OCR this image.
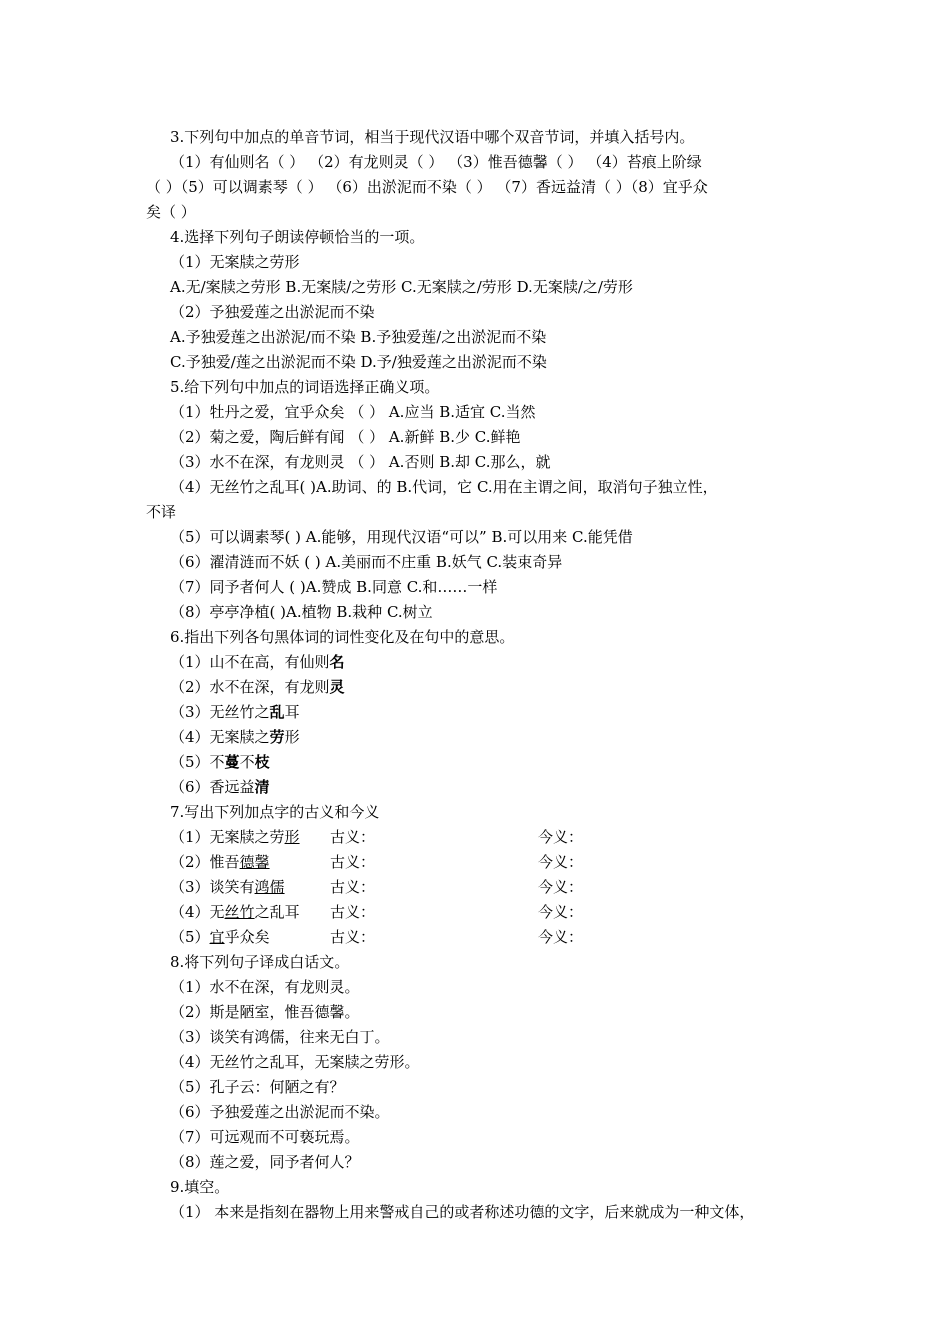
3.下列句中加点的单音节词，相当于现代汉语中哪个双音节词，并填入括号内。
（1）有仙则名（ ） （2）有龙则灵（ ） （3）惟吾德馨（ ） （4）苔痕上阶绿
（ ）（5）可以调素琴（ ） （6）出淤泥而不染（ ） （7）香远益清（ ）（8）宜乎众
矣（ ）
4.选择下列句子朗读停顿恰当的一项。
（1）无案牍之劳形
A.无/案牍之劳形 B.无案牍/之劳形 C.无案牍之/劳形 D.无案牍/之/劳形
（2）予独爱莲之出淤泥而不染
A.予独爱莲之出淤泥/而不染 B.予独爱莲/之出淤泥而不染
C.予独爱/莲之出淤泥而不染 D.予/独爱莲之出淤泥而不染
5.给下列句中加点的词语选择正确义项。
（1）牡丹之爱，宜乎众矣 （ ） A.应当 B.适宜 C.当然
（2）菊之爱，陶后鲜有闻 （ ） A.新鲜 B.少 C.鲜艳
（3）水不在深，有龙则灵 （ ） A.否则 B.却 C.那么，就
（4）无丝竹之乱耳( )A.助词、的 B.代词，它 C.用在主谓之间，取消句子独立性，
不译
（5）可以调素琴( ) A.能够，用现代汉语“可以” B.可以用来 C.能凭借
（6）濯清涟而不妖 ( ) A.美丽而不庄重 B.妖气 C.装束奇异
（7）同予者何人 ( )A.赞成 B.同意 C.和……一样
（8）亭亭净植( )A.植物 B.栽种 C.树立
6.指出下列各句黑体词的词性变化及在句中的意思。
（1）山不在高，有仙则名
（2）水不在深，有龙则灵
（3）无丝竹之乱耳
（4）无案牍之劳形
（5）不蔓不枝
（6）香远益清
7.写出下列加点字的古义和今义
（1）无案牍之劳形 古义：	今义：
（2）惟吾德馨	古义：	今义：
（3）谈笑有鸿儒	古义：	今义：
（4）无丝竹之乱耳 古义：	今义：
（5）宜乎众矣	古义：	今义：
8.将下列句子译成白话文。
（1）水不在深，有龙则灵。
（2）斯是陋室，惟吾德馨。
（3）谈笑有鸿儒，往来无白丁。
（4）无丝竹之乱耳，无案牍之劳形。
（5）孔子云：何陋之有？
（6）予独爱莲之出淤泥而不染。
（7）可远观而不可亵玩焉。
（8）莲之爱，同予者何人？
9.填空。
（1） 本来是指刻在器物上用来警戒自己的或者称述功德的文字，后来就成为一种文体，
